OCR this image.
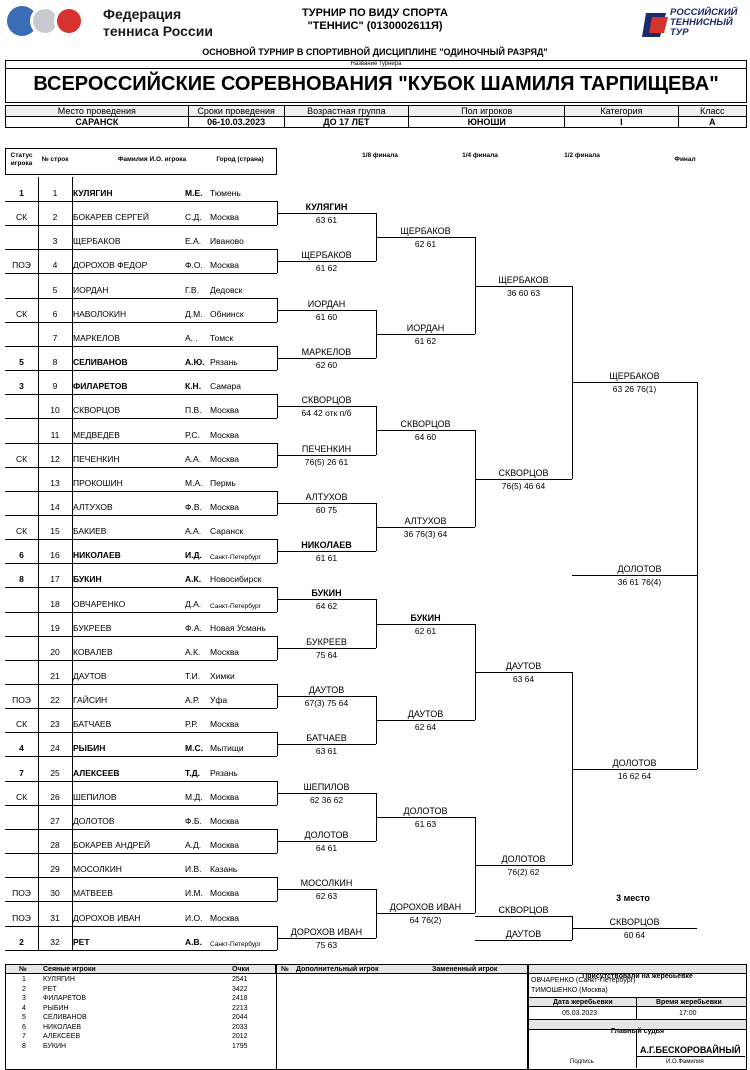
Федерация
тенниса России
ТУРНИР ПО ВИДУ СПОРТА
"ТЕННИС" (0130002611Я)
РОССИЙСКИЙ
ТЕННИСНЫЙ
ТУР
ОСНОВНОЙ ТУРНИР В СПОРТИВНОЙ ДИСЦИПЛИНЕ "ОДИНОЧНЫЙ РАЗРЯД"
Название турнира
ВСЕРОССИЙСКИЕ СОРЕВНОВАНИЯ "КУБОК ШАМИЛЯ ТАРПИЩЕВА"
Место проведения	Сроки проведения	Возрастная группа	Пол игроков	Категория	Класс
САРАНСК	06-10.03.2023	ДО 17 ЛЕТ	ЮНОШИ	I	А
Статус игрока
№ строк	Фамилия И.О. игрока	Город (страна)
1/8 финала	1/4 финала	1/2 финала
Финал
1	1	КУЛЯГИН	М.Е. Тюмень
СК	2	БОКАРЕВ СЕРГЕЙ	С.Д. Москва
3	ЩЕРБАКОВ	Е.А. Иваново
ПОЭ	4	ДОРОХОВ ФЕДОР	Ф.О. Москва
5	ИОРДАН	Г.В. Дедовск
СК	6	НАВОЛОКИН	Д.М. Обнинск
7	МАРКЕЛОВ	А. . Томск
5	8	СЕЛИВАНОВ	А.Ю. Рязань
3	9	ФИЛАРЕТОВ	К.Н. Самара
10	СКВОРЦОВ	П.В. Москва
11	МЕДВЕДЕВ	Р.С. Москва
СК	12	ПЕЧЕНКИН	А.А. Москва
13	ПРОКОШИН	М.А. Пермь
14	АЛТУХОВ	Ф.В. Москва
СК	15	БАКИЕВ	А.А. Саранск
6	16	НИКОЛАЕВ	И.Д. Санкт-Петербург
8	17	БУКИН	А.К. Новосибирск
18	ОВЧАРЕНКО	Д.А. Санкт-Петербург
19	БУКРЕЕВ	Ф.А. Новая Усмань
20	КОВАЛЕВ	А.К. Москва
21	ДАУТОВ	Т.И. Химки
ПОЭ	22	ГАЙСИН	А.Р. Уфа
СК	23	БАТЧАЕВ	Р.Р. Москва
4	24	РЫБИН	М.С. Мытищи
7	25	АЛЕКСЕЕВ	Т.Д. Рязань
СК	26	ШЕПИЛОВ	М.Д. Москва
27	ДОЛОТОВ	Ф.Б. Москва
28	БОКАРЕВ АНДРЕЙ	А.Д. Москва
29	МОСОЛКИН	И.В. Казань
ПОЭ	30	МАТВЕЕВ	И.М. Москва
ПОЭ	31	ДОРОХОВ ИВАН	И.О. Москва
2	32	РЕТ	А.В. Санкт-Петербург
КУЛЯГИН
63 61
ЩЕРБАКОВ
61 62
ИОРДАН
61 60
МАРКЕЛОВ
62 60
СКВОРЦОВ
64 42 отк п/б
ПЕЧЕНКИН
76(5) 26 61
АЛТУХОВ
60 75
НИКОЛАЕВ
61 61
БУКИН
64 62
БУКРЕЕВ
75 64
ДАУТОВ
67(3) 75 64
БАТЧАЕВ
63 61
ШЕПИЛОВ
62 36 62
ДОЛОТОВ
64 61
МОСОЛКИН
62 63
ДОРОХОВ ИВАН
75 63
ЩЕРБАКОВ
62 61
ИОРДАН
61 62
СКВОРЦОВ
64 60
АЛТУХОВ
36 76(3) 64
БУКИН
62 61
ДАУТОВ
62 64
ДОЛОТОВ
61 63
ДОРОХОВ ИВАН
64 76(2)
ЩЕРБАКОВ
36 60 63
СКВОРЦОВ
76(5) 46 64
ДАУТОВ
63 64
ДОЛОТОВ
76(2) 62
ЩЕРБАКОВ
63 26 76(1)
ДОЛОТОВ
16 62 64
ДОЛОТОВ
36 61 76(4)
3 место
СКВОРЦОВ
ДАУТОВ
СКВОРЦОВ
60 64
№ Сеяные игроки	Очки
1 КУЛЯГИН	2541
2 РЕТ	3422
3 ФИЛАРЕТОВ	2418
4 РЫБИН	2213
5 СЕЛИВАНОВ	2044
6 НИКОЛАЕВ	2033
7 АЛЕКСЕЕВ	2012
8 БУКИН	1795
№ Дополнительный игрок	Замененный игрок
Присутствовали на жеребьевке
ОВЧАРЕНКО (Санкт-Петербург)
ТИМОШЕНКО (Москва)
Дата жеребьевки	Время жеребьевки
05.03.2023	17:00
Главный судья
А.Г.БЕСКОРОВАЙНЫЙ
Подпись	И.О.Фамилия
